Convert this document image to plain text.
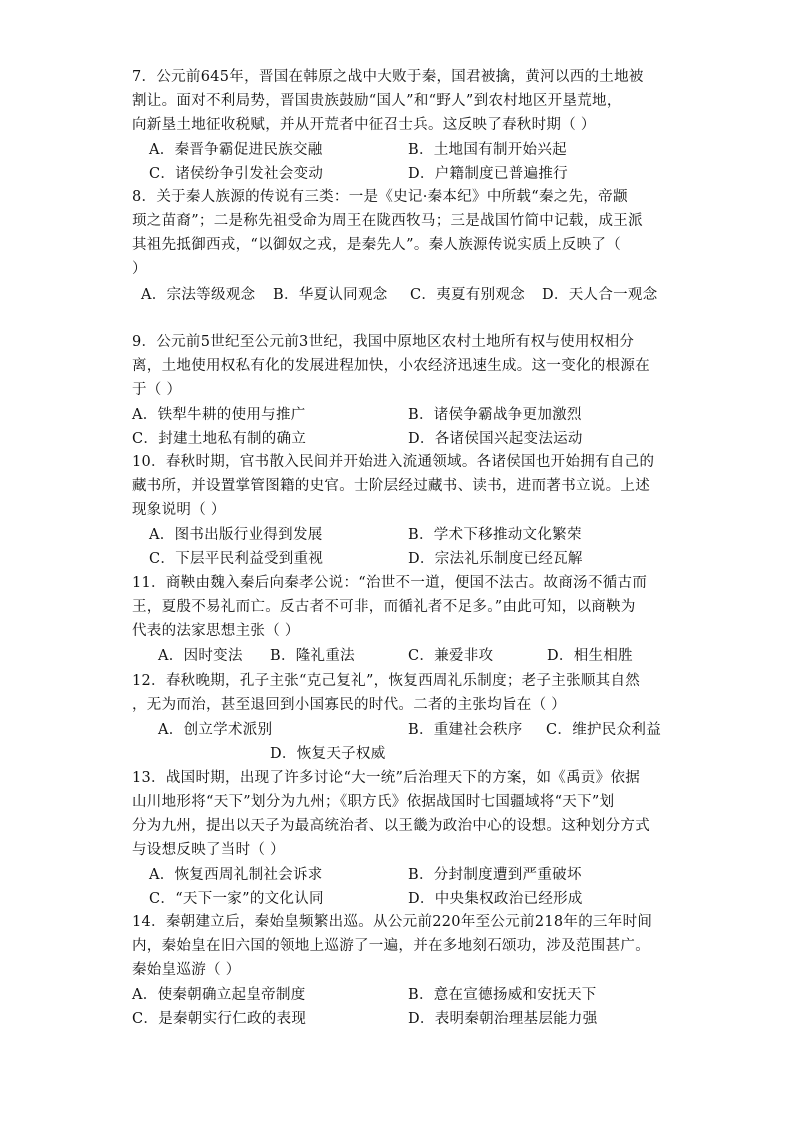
7．公元前645年，晋国在韩原之战中大败于秦，国君被擒，黄河以西的土地被
割让。面对不利局势，晋国贵族鼓励“国人”和“野人”到农村地区开垦荒地，
向新垦土地征收税赋，并从开荒者中征召士兵。这反映了春秋时期（ ）
A．秦晋争霸促进民族交融	B．土地国有制开始兴起
C．诸侯纷争引发社会变动	D．户籍制度已普遍推行
8．关于秦人族源的传说有三类：一是《史记·秦本纪》中所载“秦之先，帝颛
顼之苗裔”；二是称先祖受命为周王在陇西牧马；三是战国竹简中记载，成王派
其祖先抵御西戎，“以御奴之戎，是秦先人”。秦人族源传说实质上反映了（
）
A．宗法等级观念 B．华夏认同观念 C．夷夏有别观念 D．天人合一观念
9．公元前5世纪至公元前3世纪，我国中原地区农村土地所有权与使用权相分
离，土地使用权私有化的发展进程加快，小农经济迅速生成。这一变化的根源在
于（ ）
A．铁犁牛耕的使用与推广	B．诸侯争霸战争更加激烈
C．封建土地私有制的确立	D．各诸侯国兴起变法运动
10．春秋时期，官书散入民间并开始进入流通领域。各诸侯国也开始拥有自己的
藏书所，并设置掌管图籍的史官。士阶层经过藏书、读书，进而著书立说。上述
现象说明（ ）
A．图书出版行业得到发展	B．学术下移推动文化繁荣
C．下层平民利益受到重视	D．宗法礼乐制度已经瓦解
11．商鞅由魏入秦后向秦孝公说：“治世不一道，便国不法古。故商汤不循古而
王，夏殷不易礼而亡。反古者不可非，而循礼者不足多。”由此可知，以商鞅为
代表的法家思想主张（ ）
A．因时变法 B．隆礼重法	C．兼爱非攻	D．相生相胜
12．春秋晚期，孔子主张“克己复礼”，恢复西周礼乐制度；老子主张顺其自然
，无为而治，甚至退回到小国寡民的时代。二者的主张均旨在（ ）
A．创立学术派别	B．重建社会秩序 C．维护民众利益
D．恢复天子权威
13．战国时期，出现了许多讨论“大一统”后治理天下的方案，如《禹贡》依据
山川地形将“天下”划分为九州；《职方氏》依据战国时七国疆域将“天下”划
分为九州，提出以天子为最高统治者、以王畿为政治中心的设想。这种划分方式
与设想反映了当时（ ）
A．恢复西周礼制社会诉求	B．分封制度遭到严重破坏
C．“天下一家”的文化认同	D．中央集权政治已经形成
14．秦朝建立后，秦始皇频繁出巡。从公元前220年至公元前218年的三年时间
内，秦始皇在旧六国的领地上巡游了一遍，并在多地刻石颂功，涉及范围甚广。
秦始皇巡游（ ）
A．使秦朝确立起皇帝制度	B．意在宣德扬威和安抚天下
C．是秦朝实行仁政的表现	D．表明秦朝治理基层能力强
